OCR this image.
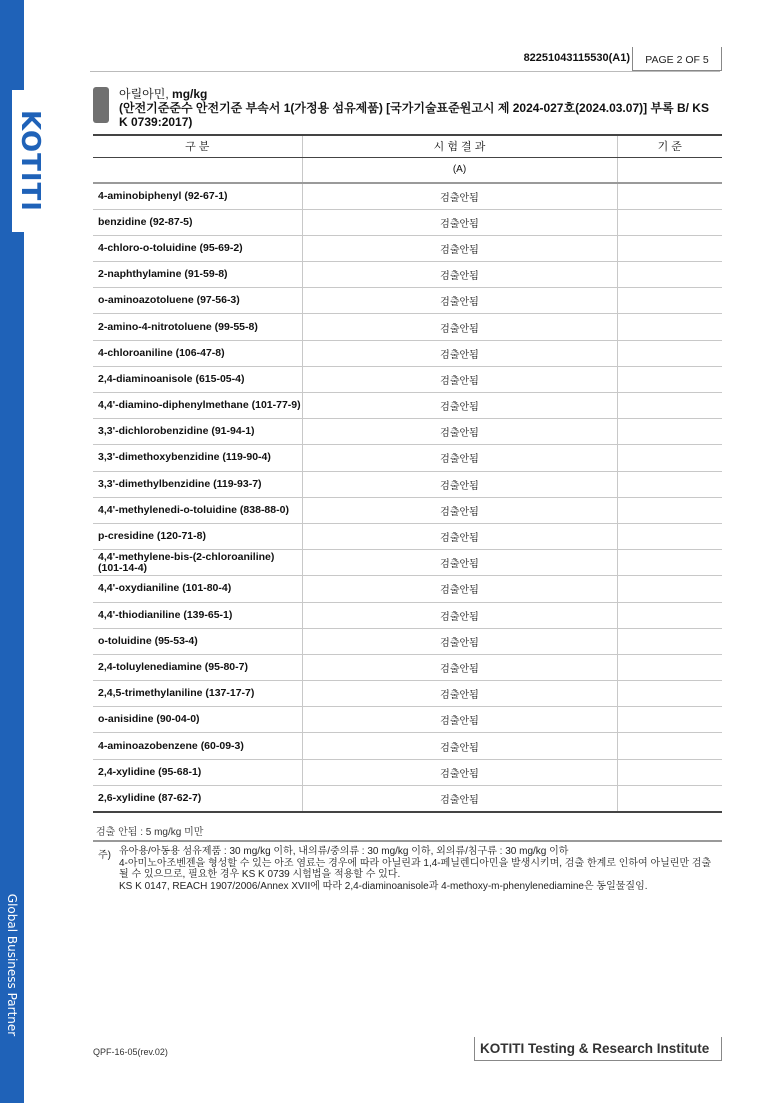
KOTITI
Global Business Partner
82251043115530(A1)	PAGE 2 OF 5
아릴아민, mg/kg
(안전기준준수 안전기준 부속서 1(가정용 섬유제품) [국가기술표준원고시 제 2024-027호(2024.03.07)] 부록 B/ KS K 0739:2017)
구 분	시 험 결 과	기 준
	(A)	
4-aminobiphenyl (92-67-1)	검출안됨	
benzidine (92-87-5)	검출안됨	
4-chloro-o-toluidine (95-69-2)	검출안됨	
2-naphthylamine (91-59-8)	검출안됨	
o-aminoazotoluene (97-56-3)	검출안됨	
2-amino-4-nitrotoluene (99-55-8)	검출안됨	
4-chloroaniline (106-47-8)	검출안됨	
2,4-diaminoanisole (615-05-4)	검출안됨	
4,4'-diamino-diphenylmethane (101-77-9)	검출안됨	
3,3'-dichlorobenzidine (91-94-1)	검출안됨	
3,3'-dimethoxybenzidine (119-90-4)	검출안됨	
3,3'-dimethylbenzidine (119-93-7)	검출안됨	
4,4'-methylenedi-o-toluidine (838-88-0)	검출안됨	
p-cresidine (120-71-8)	검출안됨	
4,4'-methylene-bis-(2-chloroaniline) (101-14-4)	검출안됨	
4,4'-oxydianiline (101-80-4)	검출안됨	
4,4'-thiodianiline (139-65-1)	검출안됨	
o-toluidine (95-53-4)	검출안됨	
2,4-toluylenediamine (95-80-7)	검출안됨	
2,4,5-trimethylaniline (137-17-7)	검출안됨	
o-anisidine (90-04-0)	검출안됨	
4-aminoazobenzene (60-09-3)	검출안됨	
2,4-xylidine (95-68-1)	검출안됨	
2,6-xylidine (87-62-7)	검출안됨	
검출 안됨 : 5 mg/kg 미만
주) 유아용/아동용 섬유제품 : 30 mg/kg 이하, 내의류/중의류 : 30 mg/kg 이하, 외의류/침구류 : 30 mg/kg 이하
4-아미노아조벤젠을 형성할 수 있는 아조 염료는 경우에 따라 아닐린과 1,4-페닐렌디아민을 발생시키며, 검출 한계로 인하여 아닐린만 검출될 수 있으므로, 필요한 경우 KS K 0739 시험법을 적용할 수 있다.
KS K 0147, REACH 1907/2006/Annex XVII에 따라 2,4-diaminoanisole과 4-methoxy-m-phenylenediamine은 동일물질임.
QPF-16-05(rev.02)	KOTITI Testing & Research Institute
